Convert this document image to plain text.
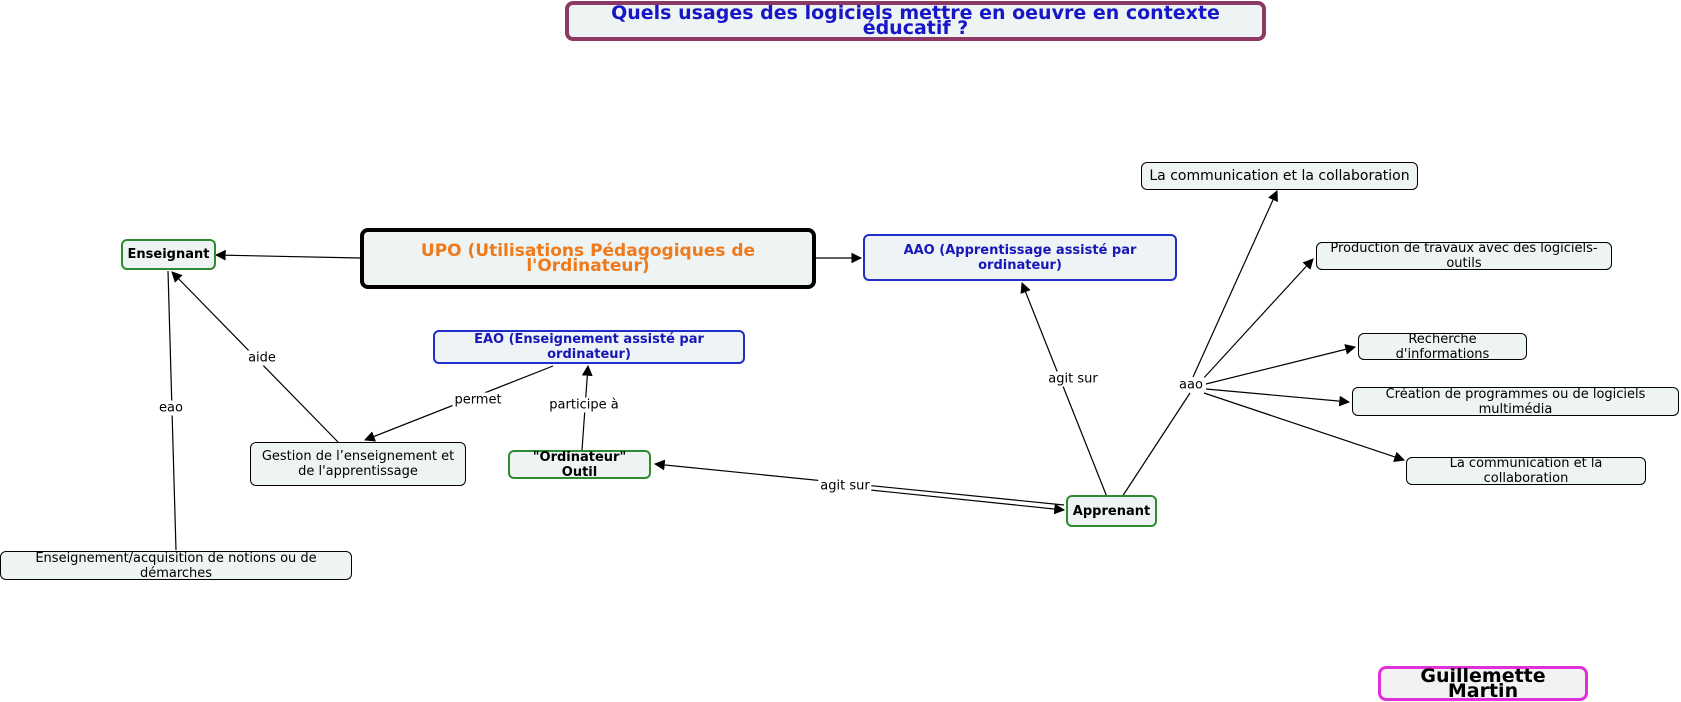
Quels usages des logiciels mettre en oeuvre en contexte éducatif ?
UPO (Utilisations Pédagogiques de l'Ordinateur)
Enseignant	AAO (Apprentissage assisté par ordinateur)
EAO (Enseignement assisté par ordinateur)
Gestion de l’enseignement et de l'apprentissage
"Ordinateur" Outil
Apprenant
Enseignement/acquisition de notions ou de démarches
La communication et la collaboration
Production de travaux avec des logiciels-outils
Recherche d'informations
Création de programmes ou de logiciels multimédia
La communication et la collaboration
Guillemette Martin
aide
eao
permet	participe à
agit sur
agit sur	aao
